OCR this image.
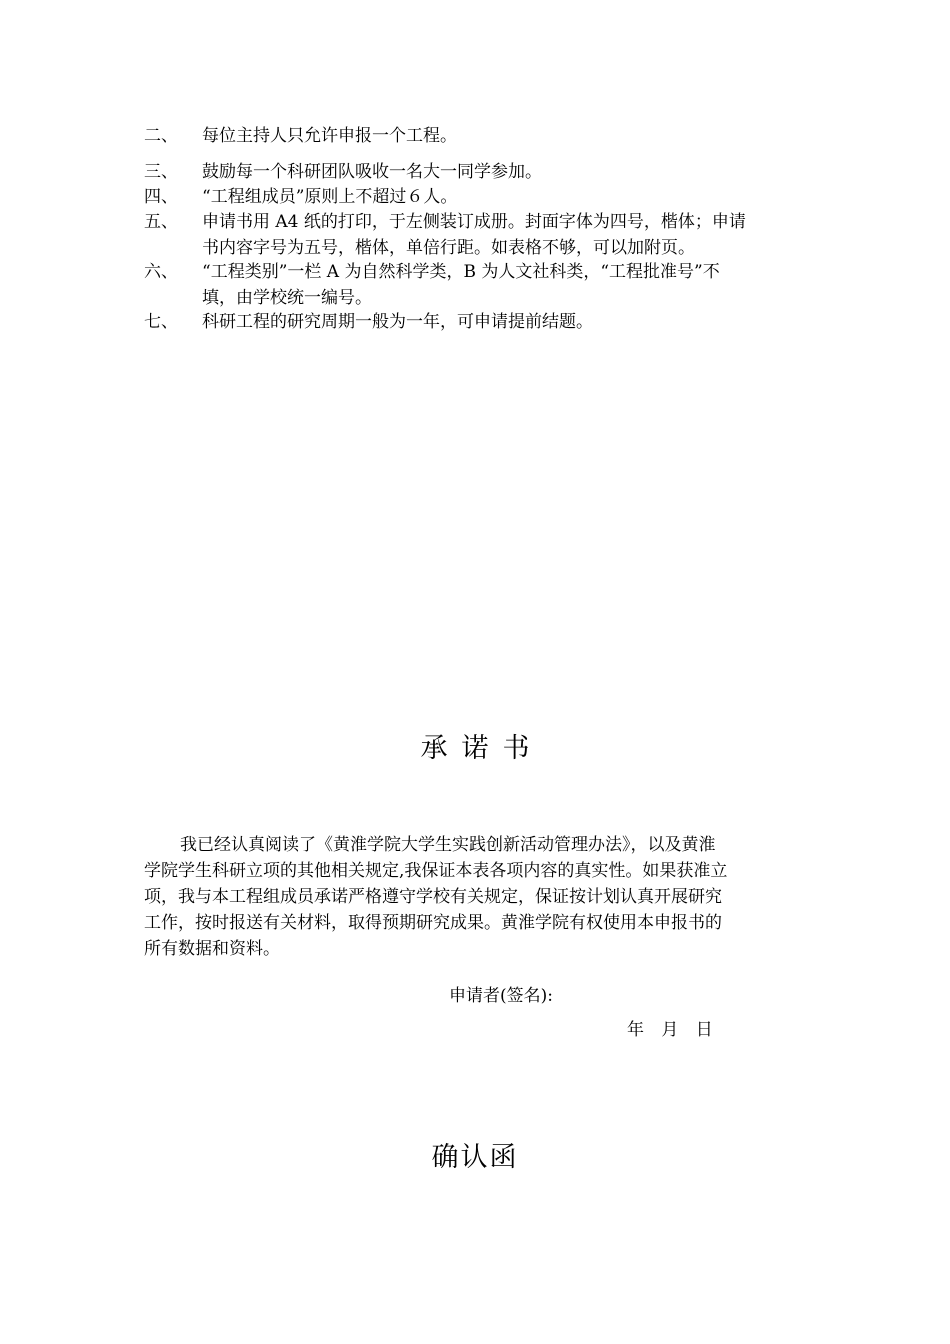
二、	每位主持人只允许申报一个工程。
三、	鼓励每一个科研团队吸收一名大一同学参加。
四、	“工程组成员”原则上不超过６人。
五、	申请书用 A4 纸的打印，于左侧装订成册。封面字体为四号，楷体；申请
书内容字号为五号，楷体，单倍行距。如表格不够，可以加附页。
六、	“工程类别”一栏 A 为自然科学类，B 为人文社科类，“工程批准号”不
填，由学校统一编号。
七、	科研工程的研究周期一般为一年，可申请提前结题。
承诺书
我已经认真阅读了《黄淮学院大学生实践创新活动管理办法》，以及黄淮
学院学生科研立项的其他相关规定,我保证本表各项内容的真实性。如果获准立
项，我与本工程组成员承诺严格遵守学校有关规定，保证按计划认真开展研究
工作，按时报送有关材料，取得预期研究成果。黄淮学院有权使用本申报书的
所有数据和资料。
申请者(签名):
年 月 日
确认函
